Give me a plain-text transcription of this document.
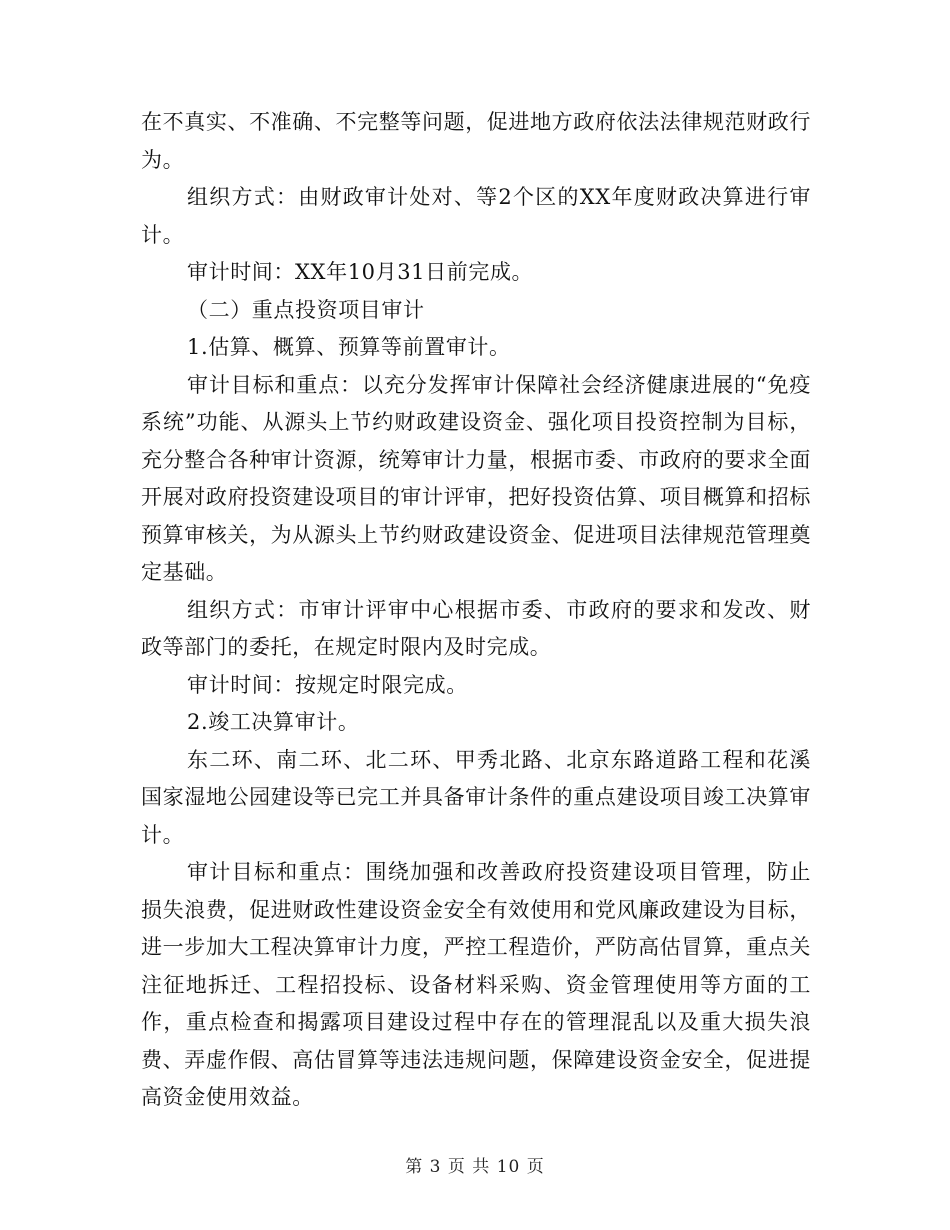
在不真实、不准确、不完整等问题，促进地方政府依法法律规范财政行为。

组织方式：由财政审计处对、等2个区的XX年度财政决算进行审计。

审计时间：XX年10月31日前完成。

（二）重点投资项目审计

1.估算、概算、预算等前置审计。

审计目标和重点：以充分发挥审计保障社会经济健康进展的“免疫系统”功能、从源头上节约财政建设资金、强化项目投资控制为目标，充分整合各种审计资源，统筹审计力量，根据市委、市政府的要求全面开展对政府投资建设项目的审计评审，把好投资估算、项目概算和招标预算审核关，为从源头上节约财政建设资金、促进项目法律规范管理奠定基础。

组织方式：市审计评审中心根据市委、市政府的要求和发改、财政等部门的委托，在规定时限内及时完成。

审计时间：按规定时限完成。

2.竣工决算审计。

东二环、南二环、北二环、甲秀北路、北京东路道路工程和花溪国家湿地公园建设等已完工并具备审计条件的重点建设项目竣工决算审计。

审计目标和重点：围绕加强和改善政府投资建设项目管理，防止损失浪费，促进财政性建设资金安全有效使用和党风廉政建设为目标，进一步加大工程决算审计力度，严控工程造价，严防高估冒算，重点关注征地拆迁、工程招投标、设备材料采购、资金管理使用等方面的工作，重点检查和揭露项目建设过程中存在的管理混乱以及重大损失浪费、弄虚作假、高估冒算等违法违规问题，保障建设资金安全，促进提高资金使用效益。

第 3 页 共 10 页
